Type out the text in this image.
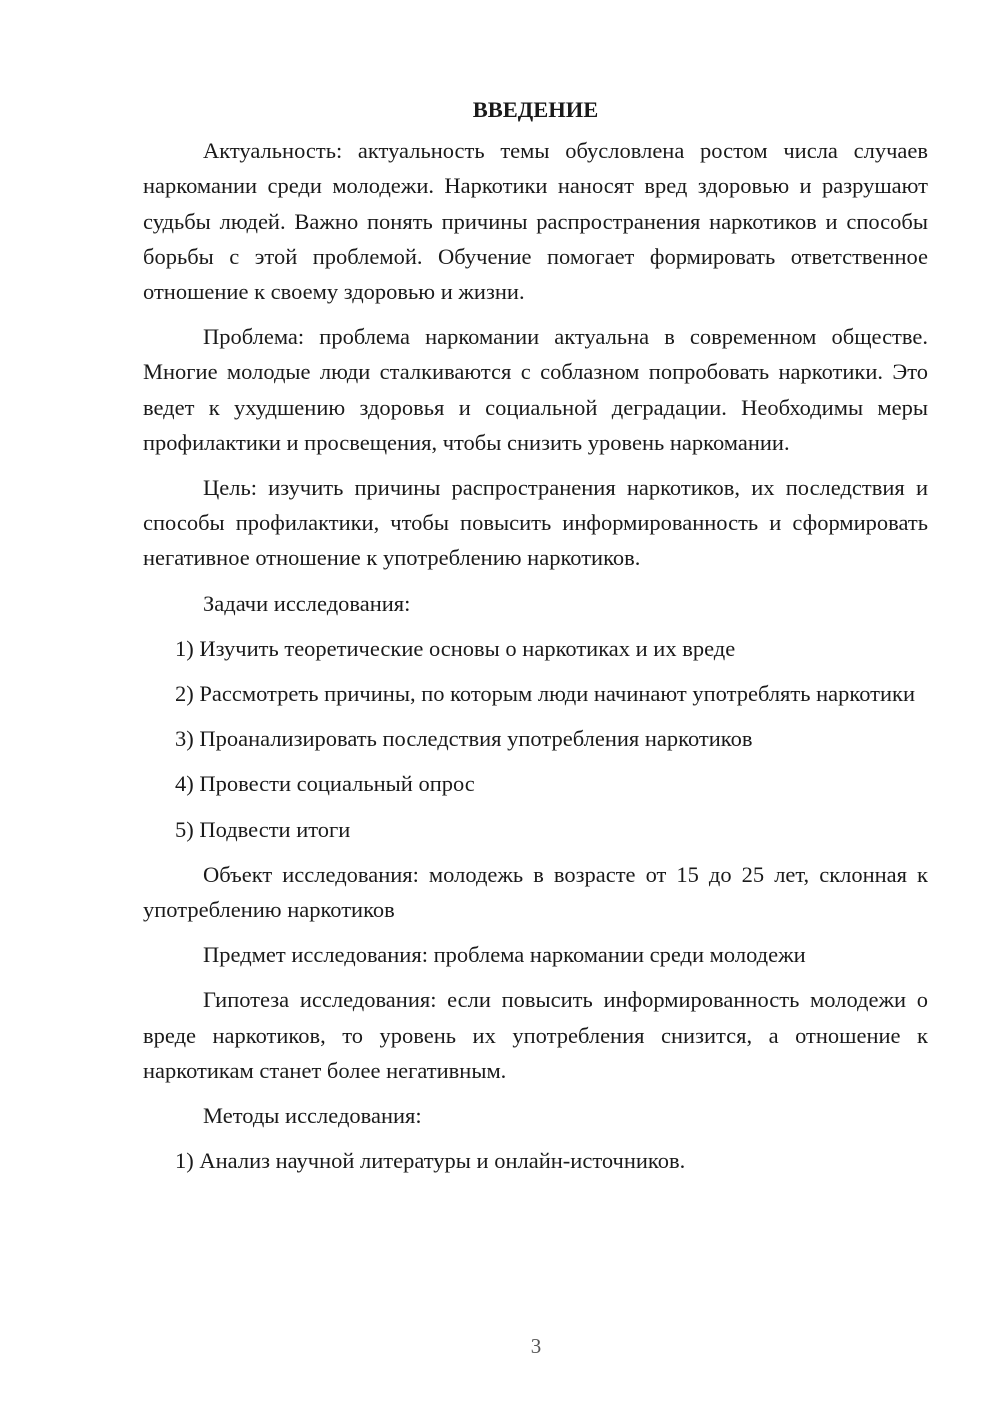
ВВЕДЕНИЕ

Актуальность: актуальность темы обусловлена ростом числа случаев наркомании среди молодежи. Наркотики наносят вред здоровью и разрушают судьбы людей. Важно понять причины распространения наркотиков и способы борьбы с этой проблемой. Обучение помогает формировать ответственное отношение к своему здоровью и жизни.

Проблема: проблема наркомании актуальна в современном обществе. Многие молодые люди сталкиваются с соблазном попробовать наркотики. Это ведет к ухудшению здоровья и социальной деградации. Необходимы меры профилактики и просвещения, чтобы снизить уровень наркомании.

Цель: изучить причины распространения наркотиков, их последствия и способы профилактики, чтобы повысить информированность и сформировать негативное отношение к употреблению наркотиков.

Задачи исследования:

1) Изучить теоретические основы о наркотиках и их вреде

2) Рассмотреть причины, по которым люди начинают употреблять наркотики

3) Проанализировать последствия употребления наркотиков

4) Провести социальный опрос

5) Подвести итоги

Объект исследования: молодежь в возрасте от 15 до 25 лет, склонная к употреблению наркотиков

Предмет исследования: проблема наркомании среди молодежи

Гипотеза исследования: если повысить информированность молодежи о вреде наркотиков, то уровень их употребления снизится, а отношение к наркотикам станет более негативным.

Методы исследования:

1) Анализ научной литературы и онлайн-источников.

3
